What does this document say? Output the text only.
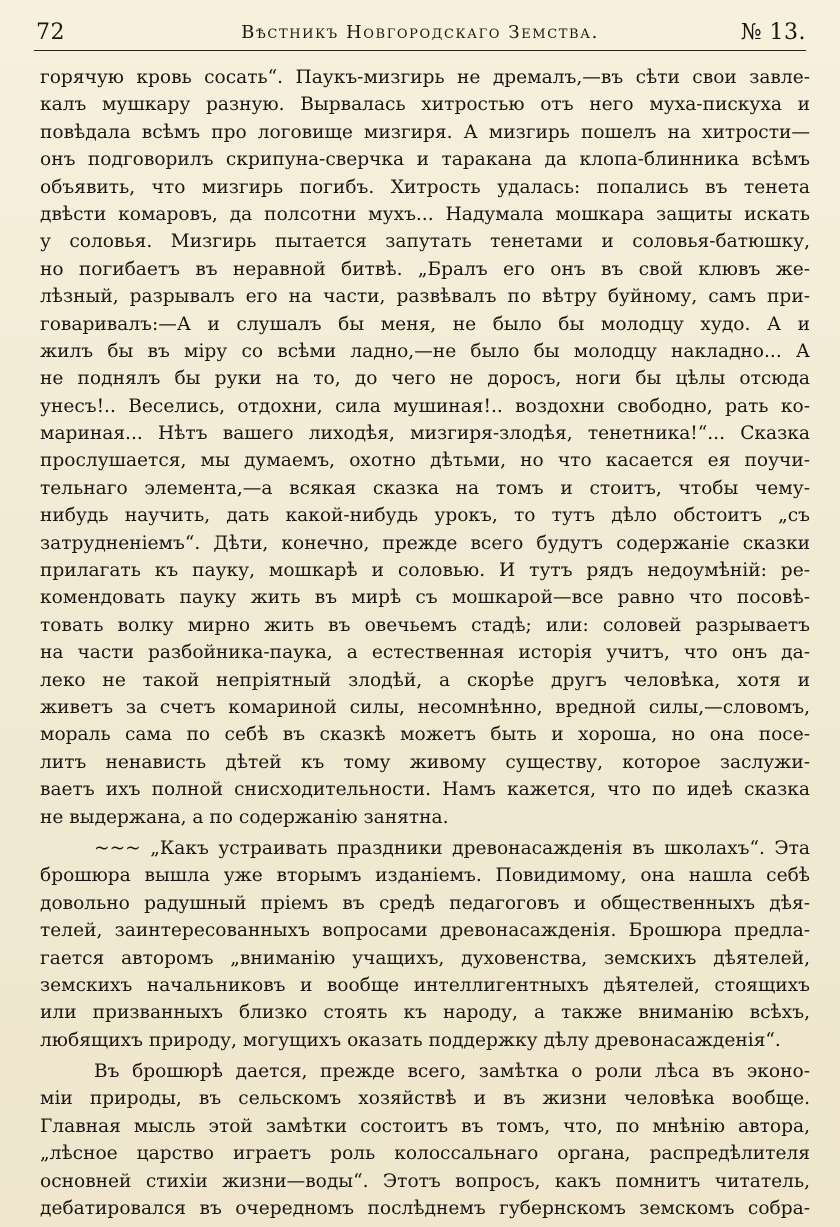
72	Вѣстникъ Новгородскаго Земства.	№ 13.
горячую кровь сосать“. Паукъ-мизгирь не дремалъ,—въ сѣти свои завле-
калъ мушкару разную. Вырвалась хитростью отъ него муха-пискуха и
повѣдала всѣмъ про логовище мизгиря. А мизгирь пошелъ на хитрости—
онъ подговорилъ скрипуна-сверчка и таракана да клопа-блинника всѣмъ
объявить, что мизгирь погибъ. Хитрость удалась: попались въ тенета
двѣсти комаровъ, да полсотни мухъ... Надумала мошкара защиты искать
у соловья. Мизгирь пытается запутать тенетами и соловья-батюшку,
но погибаетъ въ неравной битвѣ. „Бралъ его онъ въ свой клювъ же-
лѣзный, разрывалъ его на части, развѣвалъ по вѣтру буйному, самъ при-
говаривалъ:—А и слушалъ бы меня, не было бы молодцу худо. А и
жилъ бы въ мiру со всѣми ладно,—не было бы молодцу накладно... А
не поднялъ бы руки на то, до чего не доросъ, ноги бы цѣлы отсюда
унесъ!.. Веселись, отдохни, сила мушиная!.. воздохни свободно, рать ко-
мариная... Нѣтъ вашего лиходѣя, мизгиря-злодѣя, тенетника!“... Сказка
прослушается, мы думаемъ, охотно дѣтьми, но что касается ея поучи-
тельнаго элемента,—а всякая сказка на томъ и стоитъ, чтобы чему-
нибудь научить, дать какой-нибудь урокъ, то тутъ дѣло обстоитъ „съ
затрудненiемъ“. Дѣти, конечно, прежде всего будутъ содержанiе сказки
прилагать къ пауку, мошкарѣ и соловью. И тутъ рядъ недоумѣнiй: ре-
комендовать пауку жить въ мирѣ съ мошкарой—все равно что посовѣ-
товать волку мирно жить въ овечьемъ стадѣ; или: соловей разрываетъ
на части разбойника-паука, а естественная исторiя учитъ, что онъ да-
леко не такой непрiятный злодѣй, а скорѣе другъ человѣка, хотя и
живетъ за счетъ комариной силы, несомнѣнно, вредной силы,—словомъ,
мораль сама по себѣ въ сказкѣ можетъ быть и хороша, но она посе-
литъ ненависть дѣтей къ тому живому существу, которое заслужи-
ваетъ ихъ полной снисходительности. Намъ кажется, что по идеѣ сказка
не выдержана, а по содержанiю занятна.
~~~ „Какъ устраивать праздники древонасажденiя въ школахъ“. Эта
брошюра вышла уже вторымъ изданiемъ. Повидимому, она нашла себѣ
довольно радушный прiемъ въ средѣ педагоговъ и общественныхъ дѣя-
телей, заинтересованныхъ вопросами древонасажденiя. Брошюра предла-
гается авторомъ „вниманiю учащихъ, духовенства, земскихъ дѣятелей,
земскихъ начальниковъ и вообще интеллигентныхъ дѣятелей, стоящихъ
или призванныхъ близко стоять къ народу, а также вниманiю всѣхъ,
любящихъ природу, могущихъ оказать поддержку дѣлу древонасажденiя“.
Въ брошюрѣ дается, прежде всего, замѣтка о роли лѣса въ эконо-
мiи природы, въ сельскомъ хозяйствѣ и въ жизни человѣка вообще.
Главная мысль этой замѣтки состоитъ въ томъ, что, по мнѣнiю автора,
„лѣсное царство играетъ роль колоссальнаго органа, распредѣлителя
основней стихiи жизни—воды“. Этотъ вопросъ, какъ помнитъ читатель,
дебатировался въ очередномъ послѣднемъ губернскомъ земскомъ собра-
